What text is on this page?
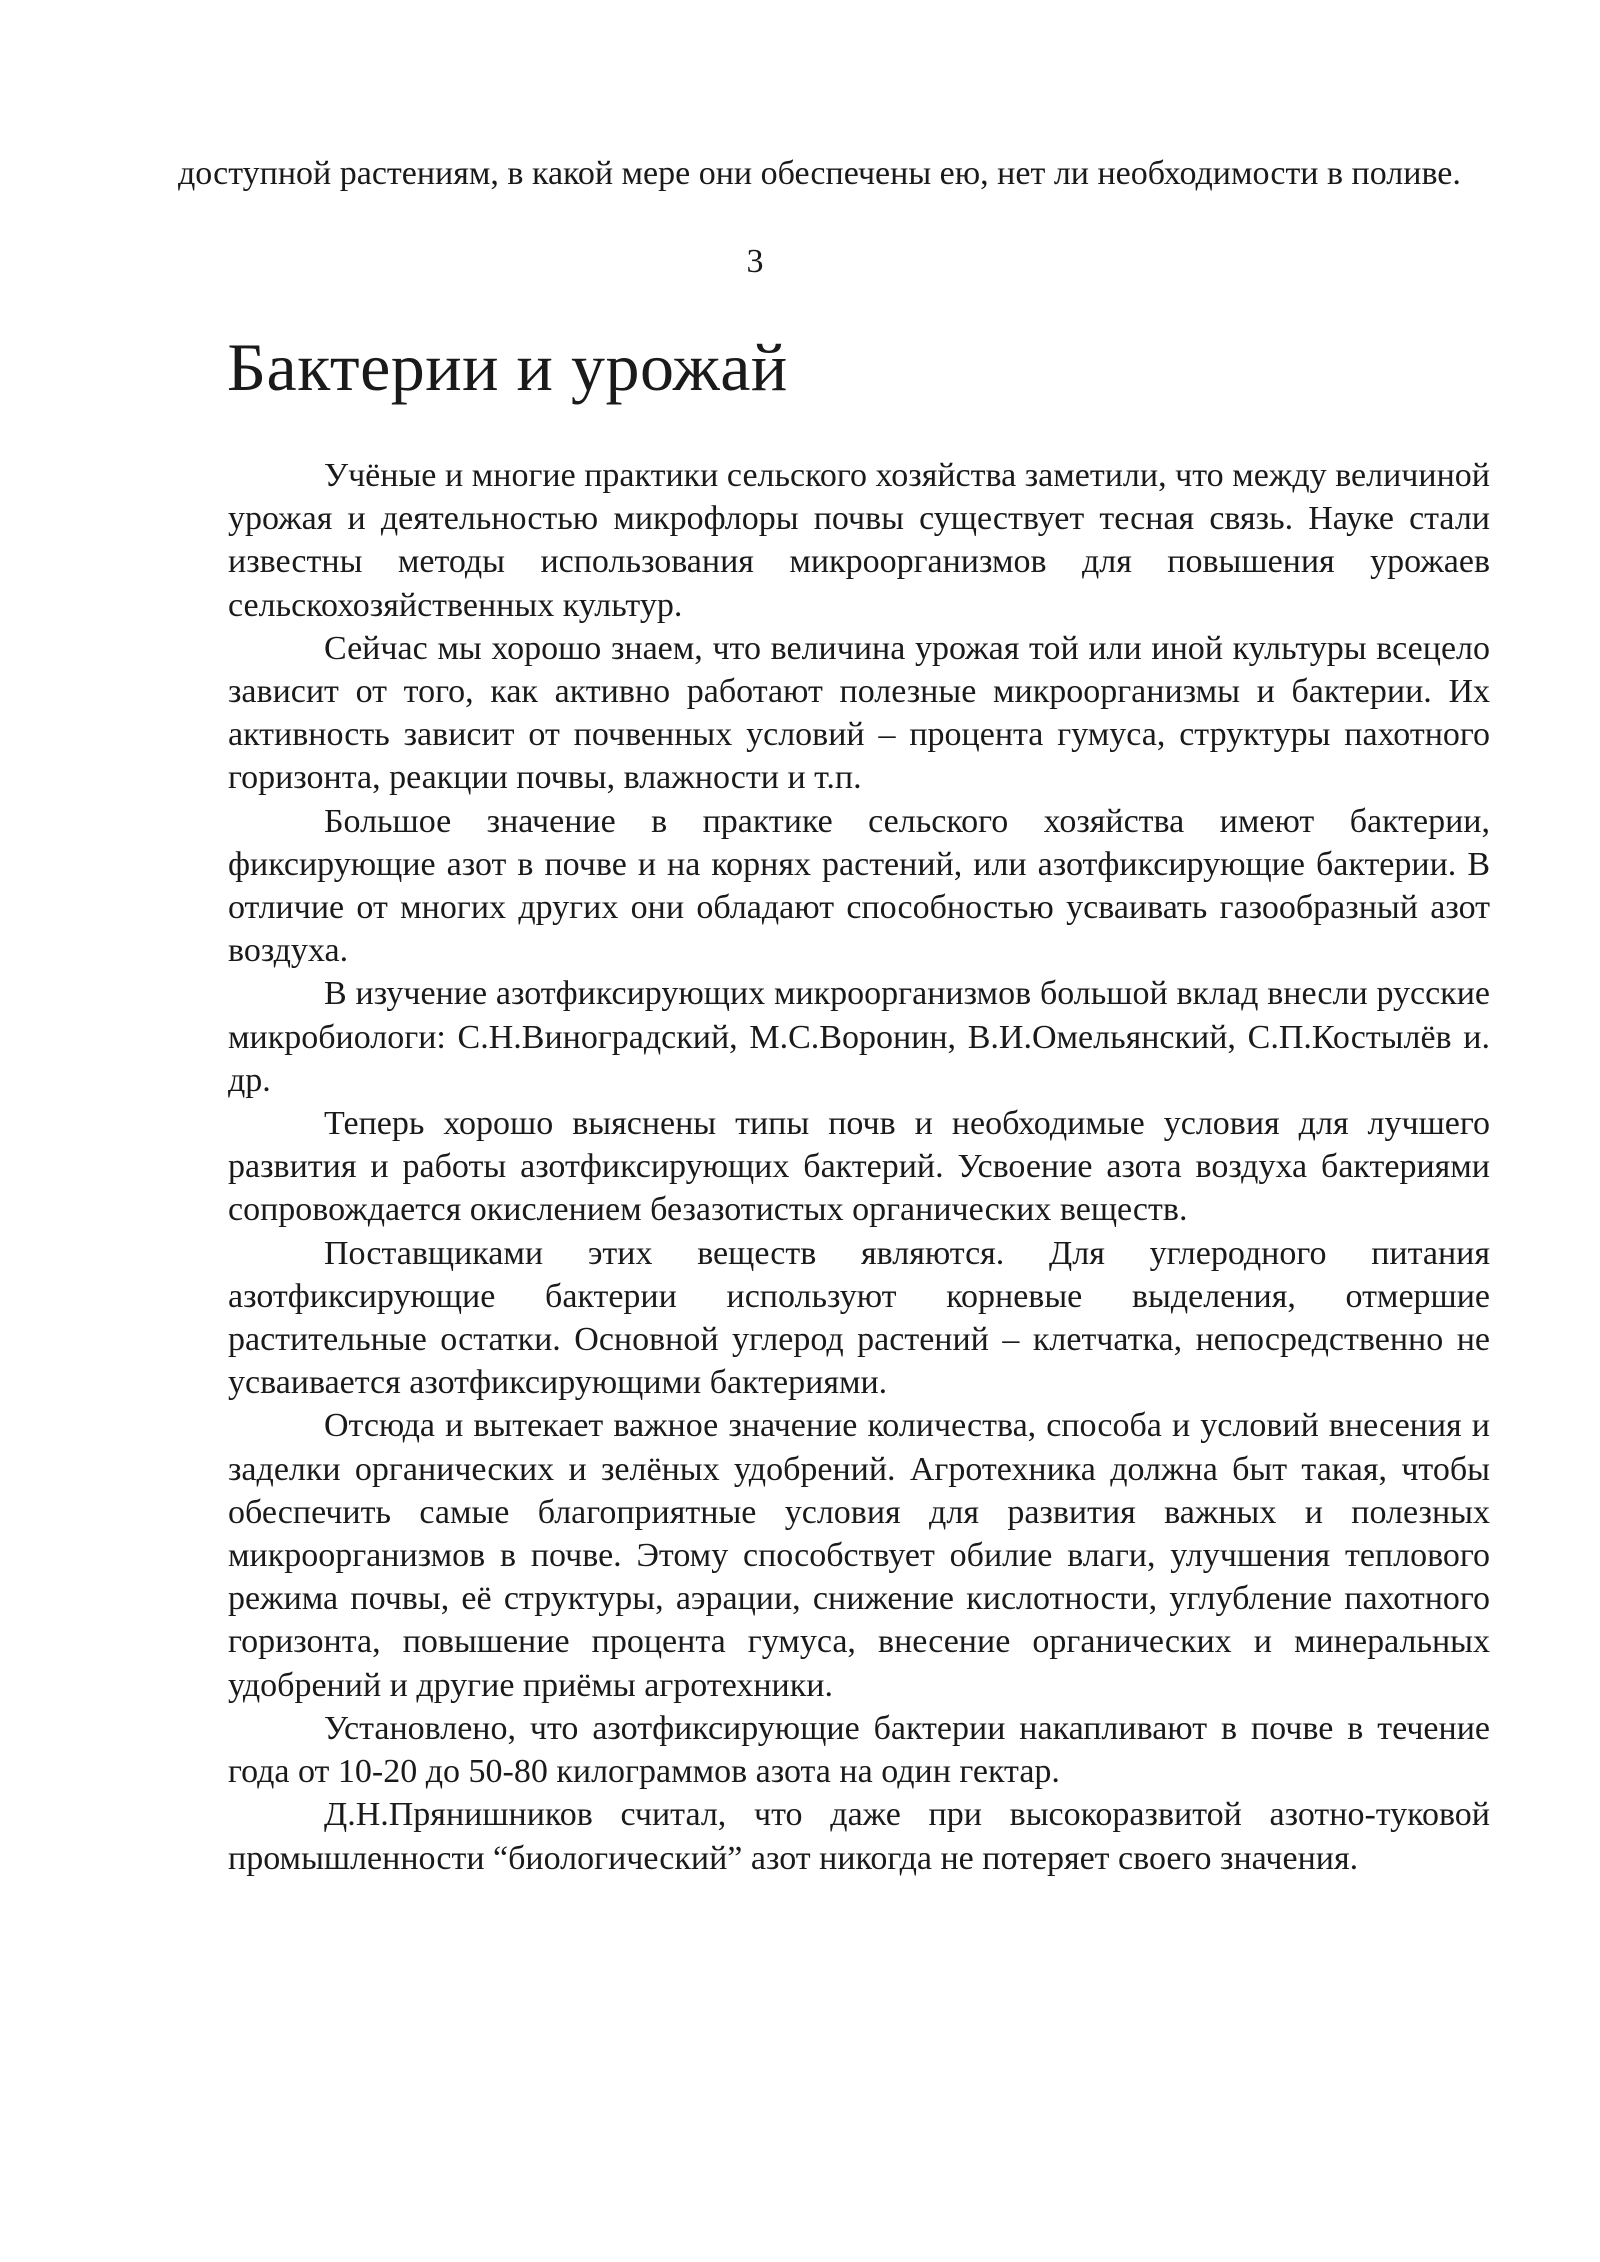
доступной растениям, в какой мере они обеспечены ею, нет ли необходимости в поливе.

3

Бактерии и урожай

Учёные и многие практики сельского хозяйства заметили, что между величиной урожая и деятельностью микрофлоры почвы существует тесная связь. Науке стали известны методы использования микроорганизмов для повышения урожаев сельскохозяйственных культур.

Сейчас мы хорошо знаем, что величина урожая той или иной культуры всецело зависит от того, как активно работают полезные микроорганизмы и бактерии. Их активность зависит от почвенных условий – процента гумуса, структуры пахотного горизонта, реакции почвы, влажности и т.п.

Большое значение в практике сельского хозяйства имеют бактерии, фиксирующие азот в почве и на корнях растений, или азотфиксирующие бактерии. В отличие от многих других они обладают способностью усваивать газообразный азот воздуха.

В изучение азотфиксирующих микроорганизмов большой вклад внесли русские микробиологи: С.Н.Виноградский, М.С.Воронин, В.И.Омельянский, С.П.Костылёв и. др.

Теперь хорошо выяснены типы почв и необходимые условия для лучшего развития и работы азотфиксирующих бактерий. Усвоение азота воздуха бактериями сопровождается окислением безазотистых органических веществ.

Поставщиками этих веществ являются. Для углеродного питания азотфиксирующие бактерии используют корневые выделения, отмершие растительные остатки. Основной углерод растений – клетчатка, непосредственно не усваивается азотфиксирующими бактериями.

Отсюда и вытекает важное значение количества, способа и условий внесения и заделки органических и зелёных удобрений. Агротехника должна быт такая, чтобы обеспечить самые благоприятные условия для развития важных и полезных микроорганизмов в почве. Этому способствует обилие влаги, улучшения теплового режима почвы, её структуры, аэрации, снижение кислотности, углубление пахотного горизонта, повышение процента гумуса, внесение органических и минеральных удобрений и другие приёмы агротехники.

Установлено, что азотфиксирующие бактерии накапливают в почве в течение года от 10-20 до 50-80 килограммов азота на один гектар.

Д.Н.Прянишников считал, что даже при высокоразвитой азотно-туковой промышленности “биологический” азот никогда не потеряет своего значения.
